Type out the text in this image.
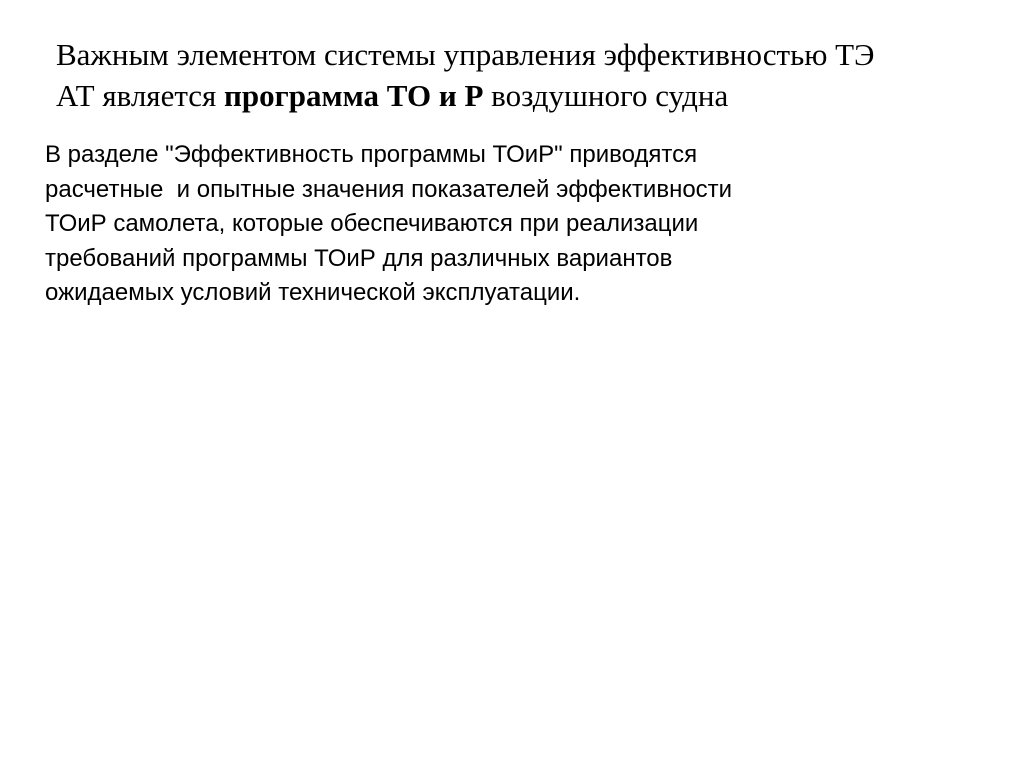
Важным элементом системы управления эффективностью ТЭ
АТ является программа ТО и Р воздушного судна
В разделе "Эффективность программы ТОиР" приводятся
расчетные  и опытные значения показателей эффективности
ТОиР самолета, которые обеспечиваются при реализации
требований программы ТОиР для различных вариантов
ожидаемых условий технической эксплуатации.
